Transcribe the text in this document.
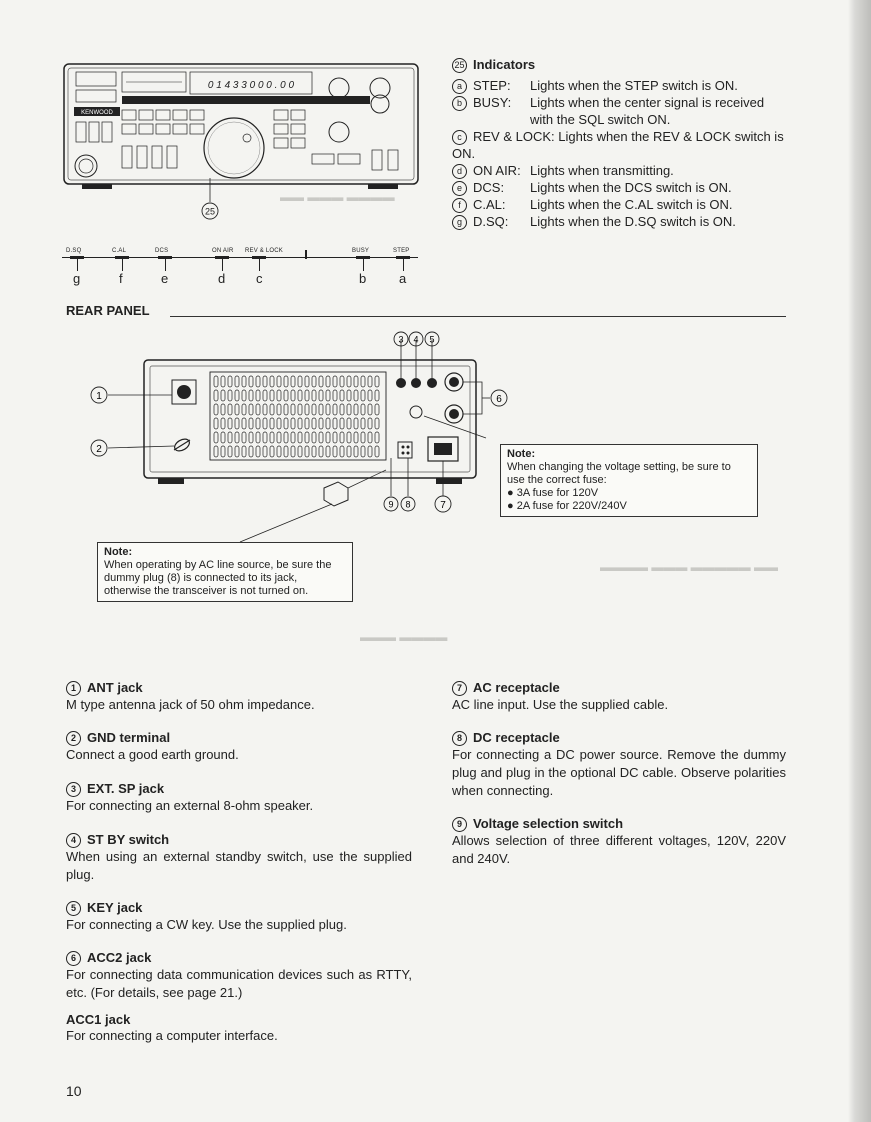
▬▬ ▬▬▬ ▬▬▬▬
▬▬▬▬ ▬▬▬ ▬▬▬▬▬ ▬▬
▬▬▬ ▬▬▬▬
KENWOOD
0 1 4 3 3 0 0 0 . 0 0
25
D.SQ	C.AL	DCS	ON AIR REV & LOCK	BUSY	STEP
g	f	e	d c	b	a
25 Indicators
a STEP: Lights when the STEP switch is ON.
b BUSY: Lights when the center signal is received with the SQL switch ON.
c REV & LOCK: Lights when the REV & LOCK switch is ON.
d ON AIR: Lights when transmitting.
e DCS: Lights when the DCS switch is ON.
f C.AL: Lights when the C.AL switch is ON.
g D.SQ: Lights when the D.SQ switch is ON.
REAR PANEL
1
2
3 4 5
6
7
8
9
Note:
When changing the voltage setting, be sure to use the correct fuse:
● 3A fuse for 120V
● 2A fuse for 220V/240V
Note:
When operating by AC line source, be sure the dummy plug (8) is connected to its jack, otherwise the transceiver is not turned on.
1 ANT jack
M type antenna jack of 50 ohm impedance.
2 GND terminal
Connect a good earth ground.
3 EXT. SP jack
For connecting an external 8-ohm speaker.
4 ST BY switch
When using an external standby switch, use the supplied plug.
5 KEY jack
For connecting a CW key. Use the supplied plug.
6 ACC2 jack
For connecting data communication devices such as RTTY, etc. (For details, see page 21.)
ACC1 jack
For connecting a computer interface.
7 AC receptacle
AC line input. Use the supplied cable.
8 DC receptacle
For connecting a DC power source. Remove the dummy plug and plug in the optional DC cable. Observe polarities when connecting.
9 Voltage selection switch
Allows selection of three different voltages, 120V, 220V and 240V.
10
